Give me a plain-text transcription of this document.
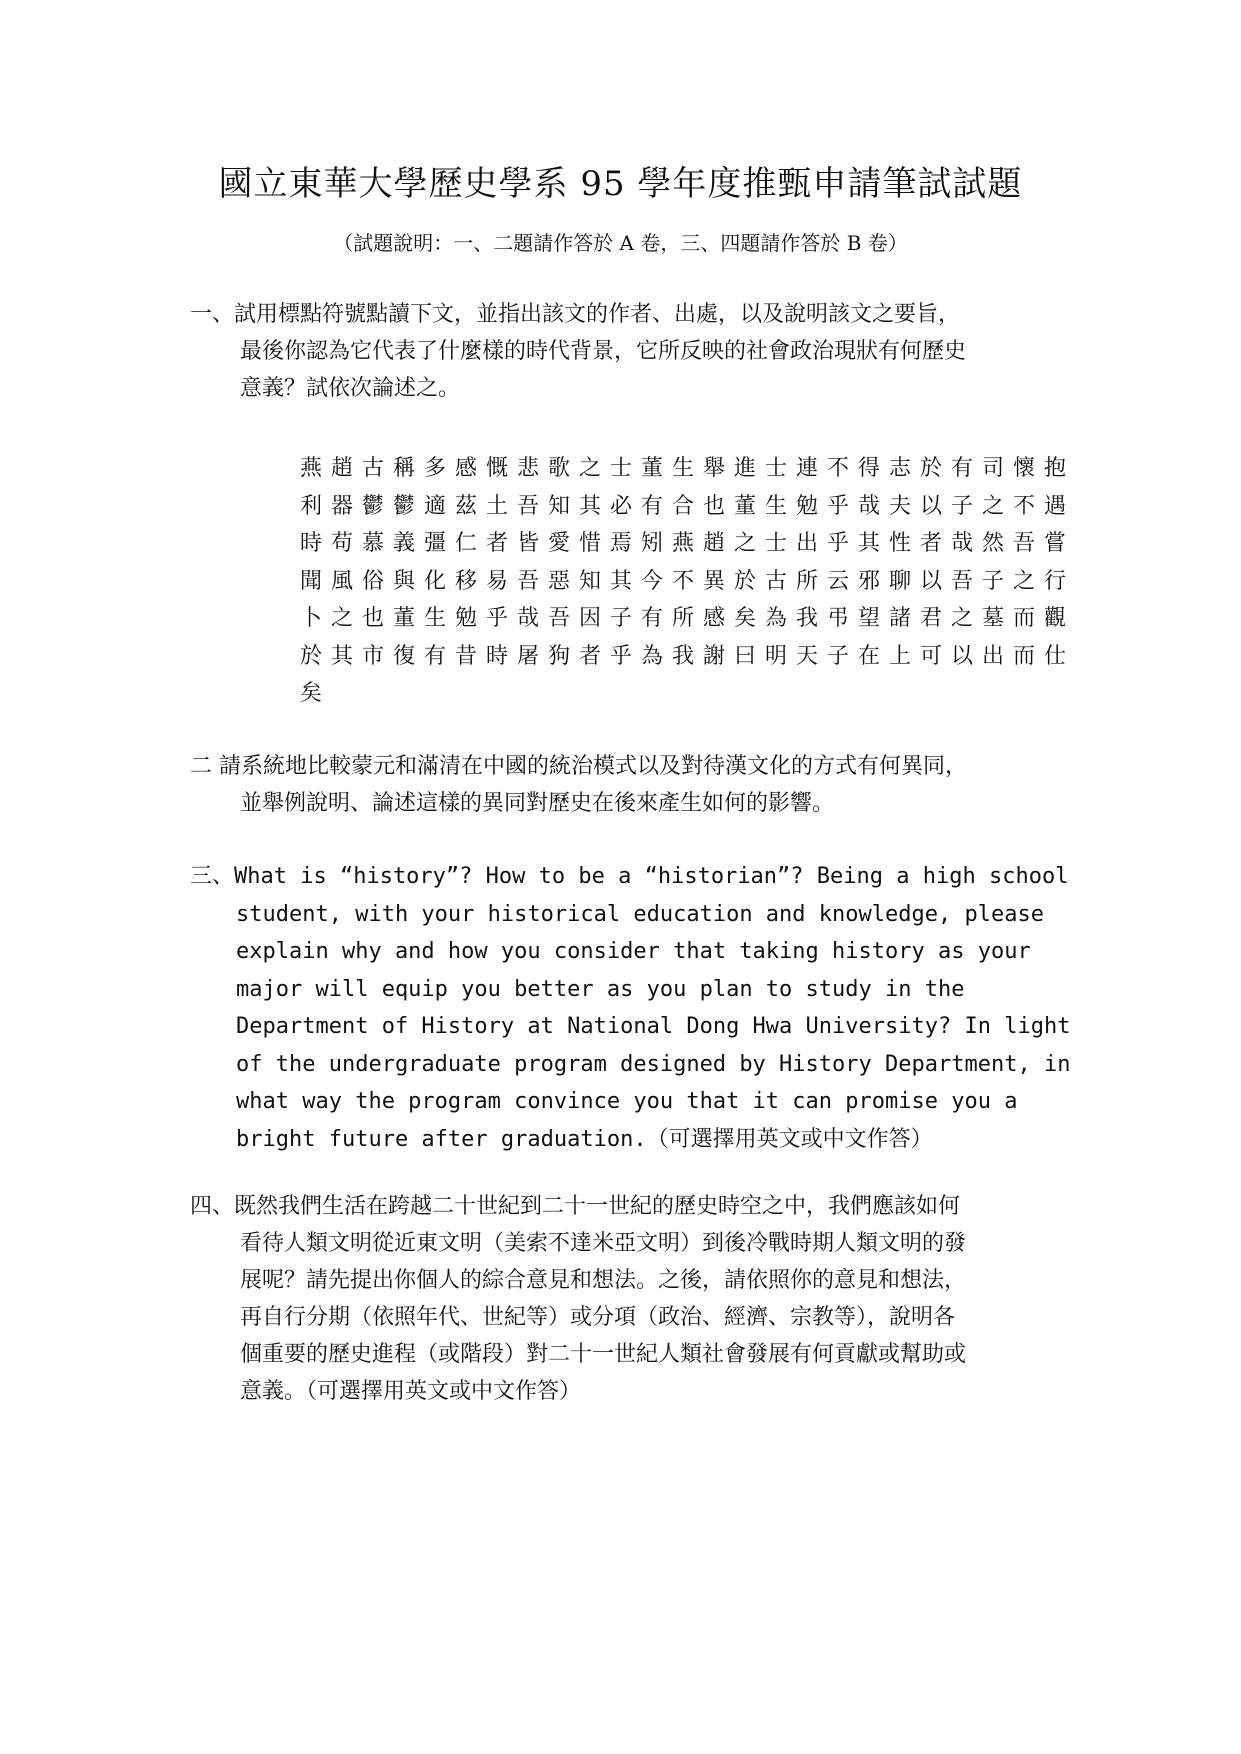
國立東華大學歷史學系 95 學年度推甄申請筆試試題
（試題說明：一、二題請作答於 A 卷，三、四題請作答於 B 卷）
一、試用標點符號點讀下文，並指出該文的作者、出處，以及說明該文之要旨，
最後你認為它代表了什麼樣的時代背景，它所反映的社會政治現狀有何歷史
意義？試依次論述之。
燕趙古稱多感慨悲歌之士董生舉進士連不得志於有司懷抱
利器鬱鬱適茲土吾知其必有合也董生勉乎哉夫以子之不遇
時苟慕義彊仁者皆愛惜焉矧燕趙之士出乎其性者哉然吾嘗
聞風俗與化移易吾惡知其今不異於古所云邪聊以吾子之行
卜之也董生勉乎哉吾因子有所感矣為我弔望諸君之墓而觀
於其市復有昔時屠狗者乎為我謝曰明天子在上可以出而仕
矣
二 請系統地比較蒙元和滿清在中國的統治模式以及對待漢文化的方式有何異同，
並舉例說明、論述這樣的異同對歷史在後來產生如何的影響。
三、What is “history”? How to be a “historian”? Being a high school
student, with your historical education and knowledge, please
explain why and how you consider that taking history as your
major will equip you better as you plan to study in the
Department of History at National Dong Hwa University? In light
of the undergraduate program designed by History Department, in
what way the program convince you that it can promise you a
bright future after graduation.（可選擇用英文或中文作答）
四、既然我們生活在跨越二十世紀到二十一世紀的歷史時空之中，我們應該如何
看待人類文明從近東文明（美索不達米亞文明）到後冷戰時期人類文明的發
展呢？請先提出你個人的綜合意見和想法。之後，請依照你的意見和想法，
再自行分期（依照年代、世紀等）或分項（政治、經濟、宗教等），說明各
個重要的歷史進程（或階段）對二十一世紀人類社會發展有何貢獻或幫助或
意義。（可選擇用英文或中文作答）
